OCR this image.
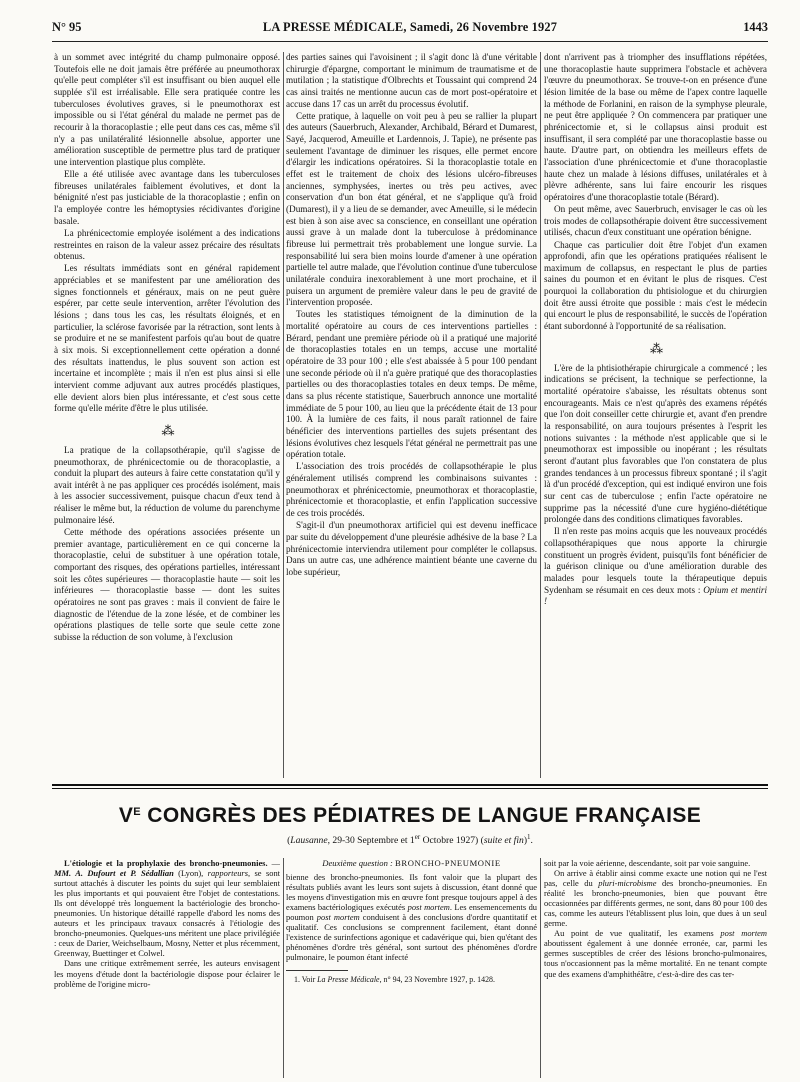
N° 95	LA PRESSE MÉDICALE, Samedi, 26 Novembre 1927	1443

à un sommet avec intégrité du champ pulmonaire opposé. Toutefois elle ne doit jamais être préférée au pneumothorax qu'elle peut compléter s'il est insuffisant ou bien auquel elle supplée s'il est irréalisable. Elle sera pratiquée contre les tuberculoses évolutives graves, si le pneumothorax est impossible ou si l'état général du malade ne permet pas de recourir à la thoracoplastie ; elle peut dans ces cas, même s'il n'y a pas unilatéralité lésionnelle absolue, apporter une amélioration susceptible de permettre plus tard de pratiquer une intervention plastique plus complète.

Elle a été utilisée avec avantage dans les tuberculoses fibreuses unilatérales faiblement évolutives, et dont la bénignité n'est pas justiciable de la thoracoplastie ; enfin on l'a employée contre les hémoptysies récidivantes d'origine basale.

La phrénicectomie employée isolément a des indications restreintes en raison de la valeur assez précaire des résultats obtenus.

Les résultats immédiats sont en général rapidement appréciables et se manifestent par une amélioration des signes fonctionnels et généraux, mais on ne peut guère espérer, par cette seule intervention, arrêter l'évolution des lésions ; dans tous les cas, les résultats éloignés, et en particulier, la sclérose favorisée par la rétraction, sont lents à se produire et ne se manifestent parfois qu'au bout de quatre à six mois. Si exceptionnellement cette opération a donné des résultats inattendus, le plus souvent son action est incertaine et incomplète ; mais il n'en est plus ainsi si elle intervient comme adjuvant aux autres procédés plastiques, elle devient alors bien plus intéressante, et c'est sous cette forme qu'elle mérite d'être le plus utilisée.

⁂

La pratique de la collapsothérapie, qu'il s'agisse de pneumothorax, de phrénicectomie ou de thoracoplastie, a conduit la plupart des auteurs à faire cette constatation qu'il y avait intérêt à ne pas appliquer ces procédés isolément, mais à les associer successivement, puisque chacun d'eux tend à réaliser le même but, la réduction de volume du parenchyme pulmonaire lésé.

Cette méthode des opérations associées présente un premier avantage, particulièrement en ce qui concerne la thoracoplastie, celui de substituer à une opération totale, comportant des risques, des opérations partielles, intéressant soit les côtes supérieures — thoracoplastie haute — soit les inférieures — thoracoplastie basse — dont les suites opératoires ne sont pas graves : mais il convient de faire le diagnostic de l'étendue de la zone lésée, et de combiner les opérations plastiques de telle sorte que seule cette zone subisse la réduction de son volume, à l'exclusion

des parties saines qui l'avoisinent ; il s'agit donc là d'une véritable chirurgie d'épargne, comportant le minimum de traumatisme et de mutilation ; la statistique d'Olbrechts et Toussaint qui comprend 24 cas ainsi traités ne mentionne aucun cas de mort post-opératoire et accuse dans 17 cas un arrêt du processus évolutif.

Cette pratique, à laquelle on voit peu à peu se rallier la plupart des auteurs (Sauerbruch, Alexander, Archibald, Bérard et Dumarest, Sayé, Jacquerod, Ameuille et Lardennois, J. Tapie), ne présente pas seulement l'avantage de diminuer les risques, elle permet encore d'élargir les indications opératoires. Si la thoracoplastie totale en effet est le traitement de choix des lésions ulcéro-fibreuses anciennes, symphysées, inertes ou très peu actives, avec conservation d'un bon état général, et ne s'applique qu'à froid (Dumarest), il y a lieu de se demander, avec Ameuille, si le médecin est bien à son aise avec sa conscience, en conseillant une opération aussi grave à un malade dont la tuberculose à prédominance fibreuse lui permettrait très probablement une longue survie. La responsabilité lui sera bien moins lourde d'amener à une opération partielle tel autre malade, que l'évolution continue d'une tuberculose unilatérale conduira inexorablement à une mort prochaine, et il puisera un argument de première valeur dans le peu de gravité de l'intervention proposée.

Toutes les statistiques témoignent de la diminution de la mortalité opératoire au cours de ces interventions partielles : Bérard, pendant une première période où il a pratiqué une majorité de thoracoplasties totales en un temps, accuse une mortalité opératoire de 33 pour 100 ; elle s'est abaissée à 5 pour 100 pendant une seconde période où il n'a guère pratiqué que des thoracoplasties partielles ou des thoracoplasties totales en deux temps. De même, dans sa plus récente statistique, Sauerbruch annonce une mortalité immédiate de 5 pour 100, au lieu que la précédente était de 13 pour 100. À la lumière de ces faits, il nous paraît rationnel de faire bénéficier des interventions partielles des sujets présentant des lésions évolutives chez lesquels l'état général ne permettrait pas une opération totale.

L'association des trois procédés de collapsothérapie le plus généralement utilisés comprend les combinaisons suivantes : pneumothorax et phrénicectomie, pneumothorax et thoracoplastie, phrénicectomie et thoracoplastie, et enfin l'application successive de ces trois procédés.

S'agit-il d'un pneumothorax artificiel qui est devenu inefficace par suite du développement d'une pleurésie adhésive de la base ? La phrénicectomie interviendra utilement pour compléter le collapsus. Dans un autre cas, une adhérence maintient béante une caverne du lobe supérieur,

dont n'arrivent pas à triompher des insufflations répétées, une thoracoplastie haute supprimera l'obstacle et achèvera l'œuvre du pneumothorax. Se trouve-t-on en présence d'une lésion limitée de la base ou même de l'apex contre laquelle la méthode de Forlanini, en raison de la symphyse pleurale, ne peut être appliquée ? On commencera par pratiquer une phrénicectomie et, si le collapsus ainsi produit est insuffisant, il sera complété par une thoracoplastie basse ou haute. D'autre part, on obtiendra les meilleurs effets de l'association d'une phrénicectomie et d'une thoracoplastie haute chez un malade à lésions diffuses, unilatérales et à plèvre adhérente, sans lui faire encourir les risques opératoires d'une thoracoplastie totale (Bérard).

On peut même, avec Sauerbruch, envisager le cas où les trois modes de collapsothérapie doivent être successivement utilisés, chacun d'eux constituant une opération bénigne.

Chaque cas particulier doit être l'objet d'un examen approfondi, afin que les opérations pratiquées réalisent le maximum de collapsus, en respectant le plus de parties saines du poumon et en évitant le plus de risques. C'est pourquoi la collaboration du phtisiologue et du chirurgien doit être aussi étroite que possible : mais c'est le médecin qui encourt le plus de responsabilité, le succès de l'opération étant subordonné à l'opportunité de sa réalisation.

⁂

L'ère de la phtisiothérapie chirurgicale a commencé ; les indications se précisent, la technique se perfectionne, la mortalité opératoire s'abaisse, les résultats obtenus sont encourageants. Mais ce n'est qu'après des examens répétés que l'on doit conseiller cette chirurgie et, avant d'en prendre la responsabilité, on aura toujours présentes à l'esprit les notions suivantes : la méthode n'est applicable que si le pneumothorax est impossible ou inopérant ; les résultats seront d'autant plus favorables que l'on constatera de plus grandes tendances à un processus fibreux spontané ; il s'agit là d'un procédé d'exception, qui est indiqué environ une fois sur cent cas de tuberculose ; enfin l'acte opératoire ne supprime pas la nécessité d'une cure hygiéno-diététique prolongée dans des conditions climatiques favorables.

Il n'en reste pas moins acquis que les nouveaux procédés collapsothérapiques que nous apporte la chirurgie constituent un progrès évident, puisqu'ils font bénéficier de la guérison clinique ou d'une amélioration durable des malades pour lesquels toute la thérapeutique depuis Sydenham se résumait en ces deux mots : Opium et mentiri !

$V^E$ CONGRÈS DES PÉDIATRES DE LANGUE FRANÇAISE
(Lausanne, 29-30 Septembre et 1er Octobre 1927) (suite et fin)$^1$.

L'étiologie et la prophylaxie des broncho-pneumonies. — MM. A. Dufourt et P. Sédallian (Lyon), rapporteurs, se sont surtout attachés à discuter les points du sujet qui leur semblaient les plus importants et qui pouvaient être l'objet de contestations. Ils ont développé très longuement la bactériologie des broncho-pneumonies. Un historique détaillé rappelle d'abord les noms des auteurs et les principaux travaux consacrés à l'étiologie des broncho-pneumonies. Quelques-uns méritent une place privilégiée : ceux de Darier, Weichselbaum, Mosny, Netter et plus récemment, Greenway, Buettinger et Colwel.

Dans une critique extrêmement serrée, les auteurs envisagent les moyens d'étude dont la bactériologie dispose pour éclairer le problème de l'origine micro-

Deuxième question : BRONCHO-PNEUMONIE

bienne des broncho-pneumonies. Ils font valoir que la plupart des résultats publiés avant les leurs sont sujets à discussion, étant donné que les moyens d'investigation mis en œuvre font presque toujours appel à des examens bactériologiques exécutés post mortem. Les ensemencements du poumon post mortem conduisent à des conclusions d'ordre quantitatif et qualitatif. Ces conclusions se comprennent facilement, étant donné l'existence de surinfections agonique et cadavérique qui, bien qu'étant des phénomènes d'ordre très général, sont surtout des phénomènes d'ordre pulmonaire, le poumon étant infecté

1. Voir La Presse Médicale, n° 94, 23 Novembre 1927, p. 1428.

soit par la voie aérienne, descendante, soit par voie sanguine.

On arrive à établir ainsi comme exacte une notion qui ne l'est pas, celle du pluri-microbisme des broncho-pneumonies. En réalité les broncho-pneumonies, bien que pouvant être occasionnées par différents germes, ne sont, dans 80 pour 100 des cas, comme les auteurs l'établissent plus loin, que dues à un seul germe.

Au point de vue qualitatif, les examens post mortem aboutissent également à une donnée erronée, car, parmi les germes susceptibles de créer des lésions broncho-pulmonaires, tous n'occasionnent pas la même mortalité. En ne tenant compte que des examens d'amphithéâtre, c'est-à-dire des cas ter-
